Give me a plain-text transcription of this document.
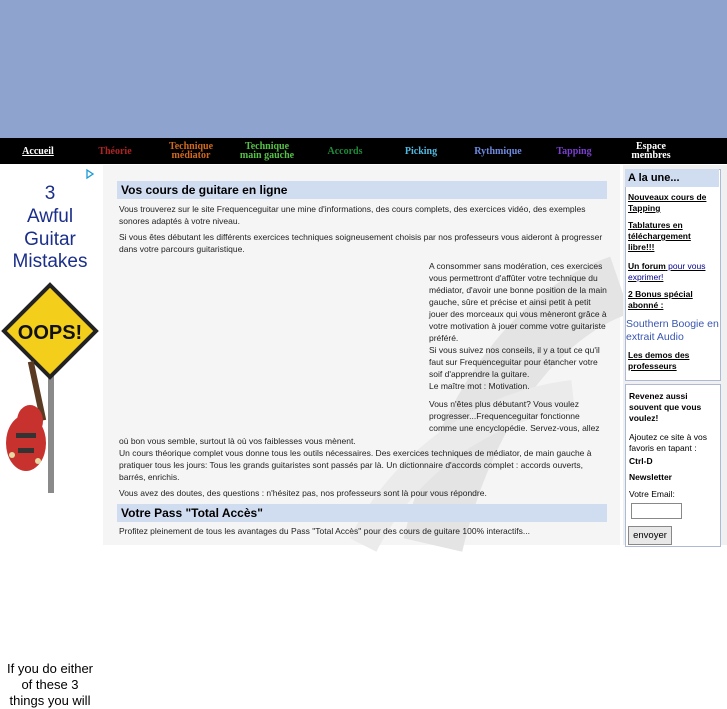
Accueil	Théorie	Technique
médiator
Technique
main gauche	Accords	Picking	Rythmique	Tapping	Espace
membres
3
Awful
Guitar
Mistakes
OOPS!
If you do either
of these 3
things you will
Vos cours de guitare en ligne
Vous trouverez sur le site Frequenceguitar une mine d'informations, des cours complets, des exercices vidéo, des exemples sonores adaptés à votre niveau.
Si vous êtes débutant les différents exercices techniques soigneusement choisis par nos professeurs vous aideront à progresser dans votre parcours guitaristique.
A consommer sans modération, ces exercices
vous permettront d'affûter votre technique du
médiator, d'avoir une bonne position de la main
gauche, sûre et précise et ainsi petit à petit
jouer des morceaux qui vous mèneront grâce à
votre motivation à jouer comme votre guitariste
préféré.
Si vous suivez nos conseils, il y a tout ce qu'il
faut sur Frequenceguitar pour étancher votre
soif d'apprendre la guitare.
Le maître mot : Motivation.
Vous n'êtes plus débutant? Vous voulez
progresser...Frequenceguitar fonctionne
comme une encyclopédie. Servez-vous, allez
où bon vous semble, surtout là où vos faiblesses vous mènent.
Un cours théorique complet vous donne tous les outils nécessaires. Des exercices techniques de médiator, de main gauche à pratiquer tous les jours: Tous les grands guitaristes sont passés par là. Un dictionnaire d'accords complet : accords ouverts, barrés, enrichis.
Vous avez des doutes, des questions : n'hésitez pas, nos professeurs sont là pour vous répondre.
Votre Pass "Total Accès"
Profitez pleinement de tous les avantages du Pass "Total Accès" pour des cours de guitare 100% interactifs...
A la une...
Nouveaux cours de Tapping
Tablatures en téléchargement libre!!!
Un forum pour vous exprimer!
2 Bonus spécial abonné :
Southern Boogie en extrait Audio
Les demos des professeurs
Revenez aussi souvent que vous voulez!
Ajoutez ce site à vos favoris en tapant :
Ctrl-D
Newsletter
Votre Email:
envoyer
